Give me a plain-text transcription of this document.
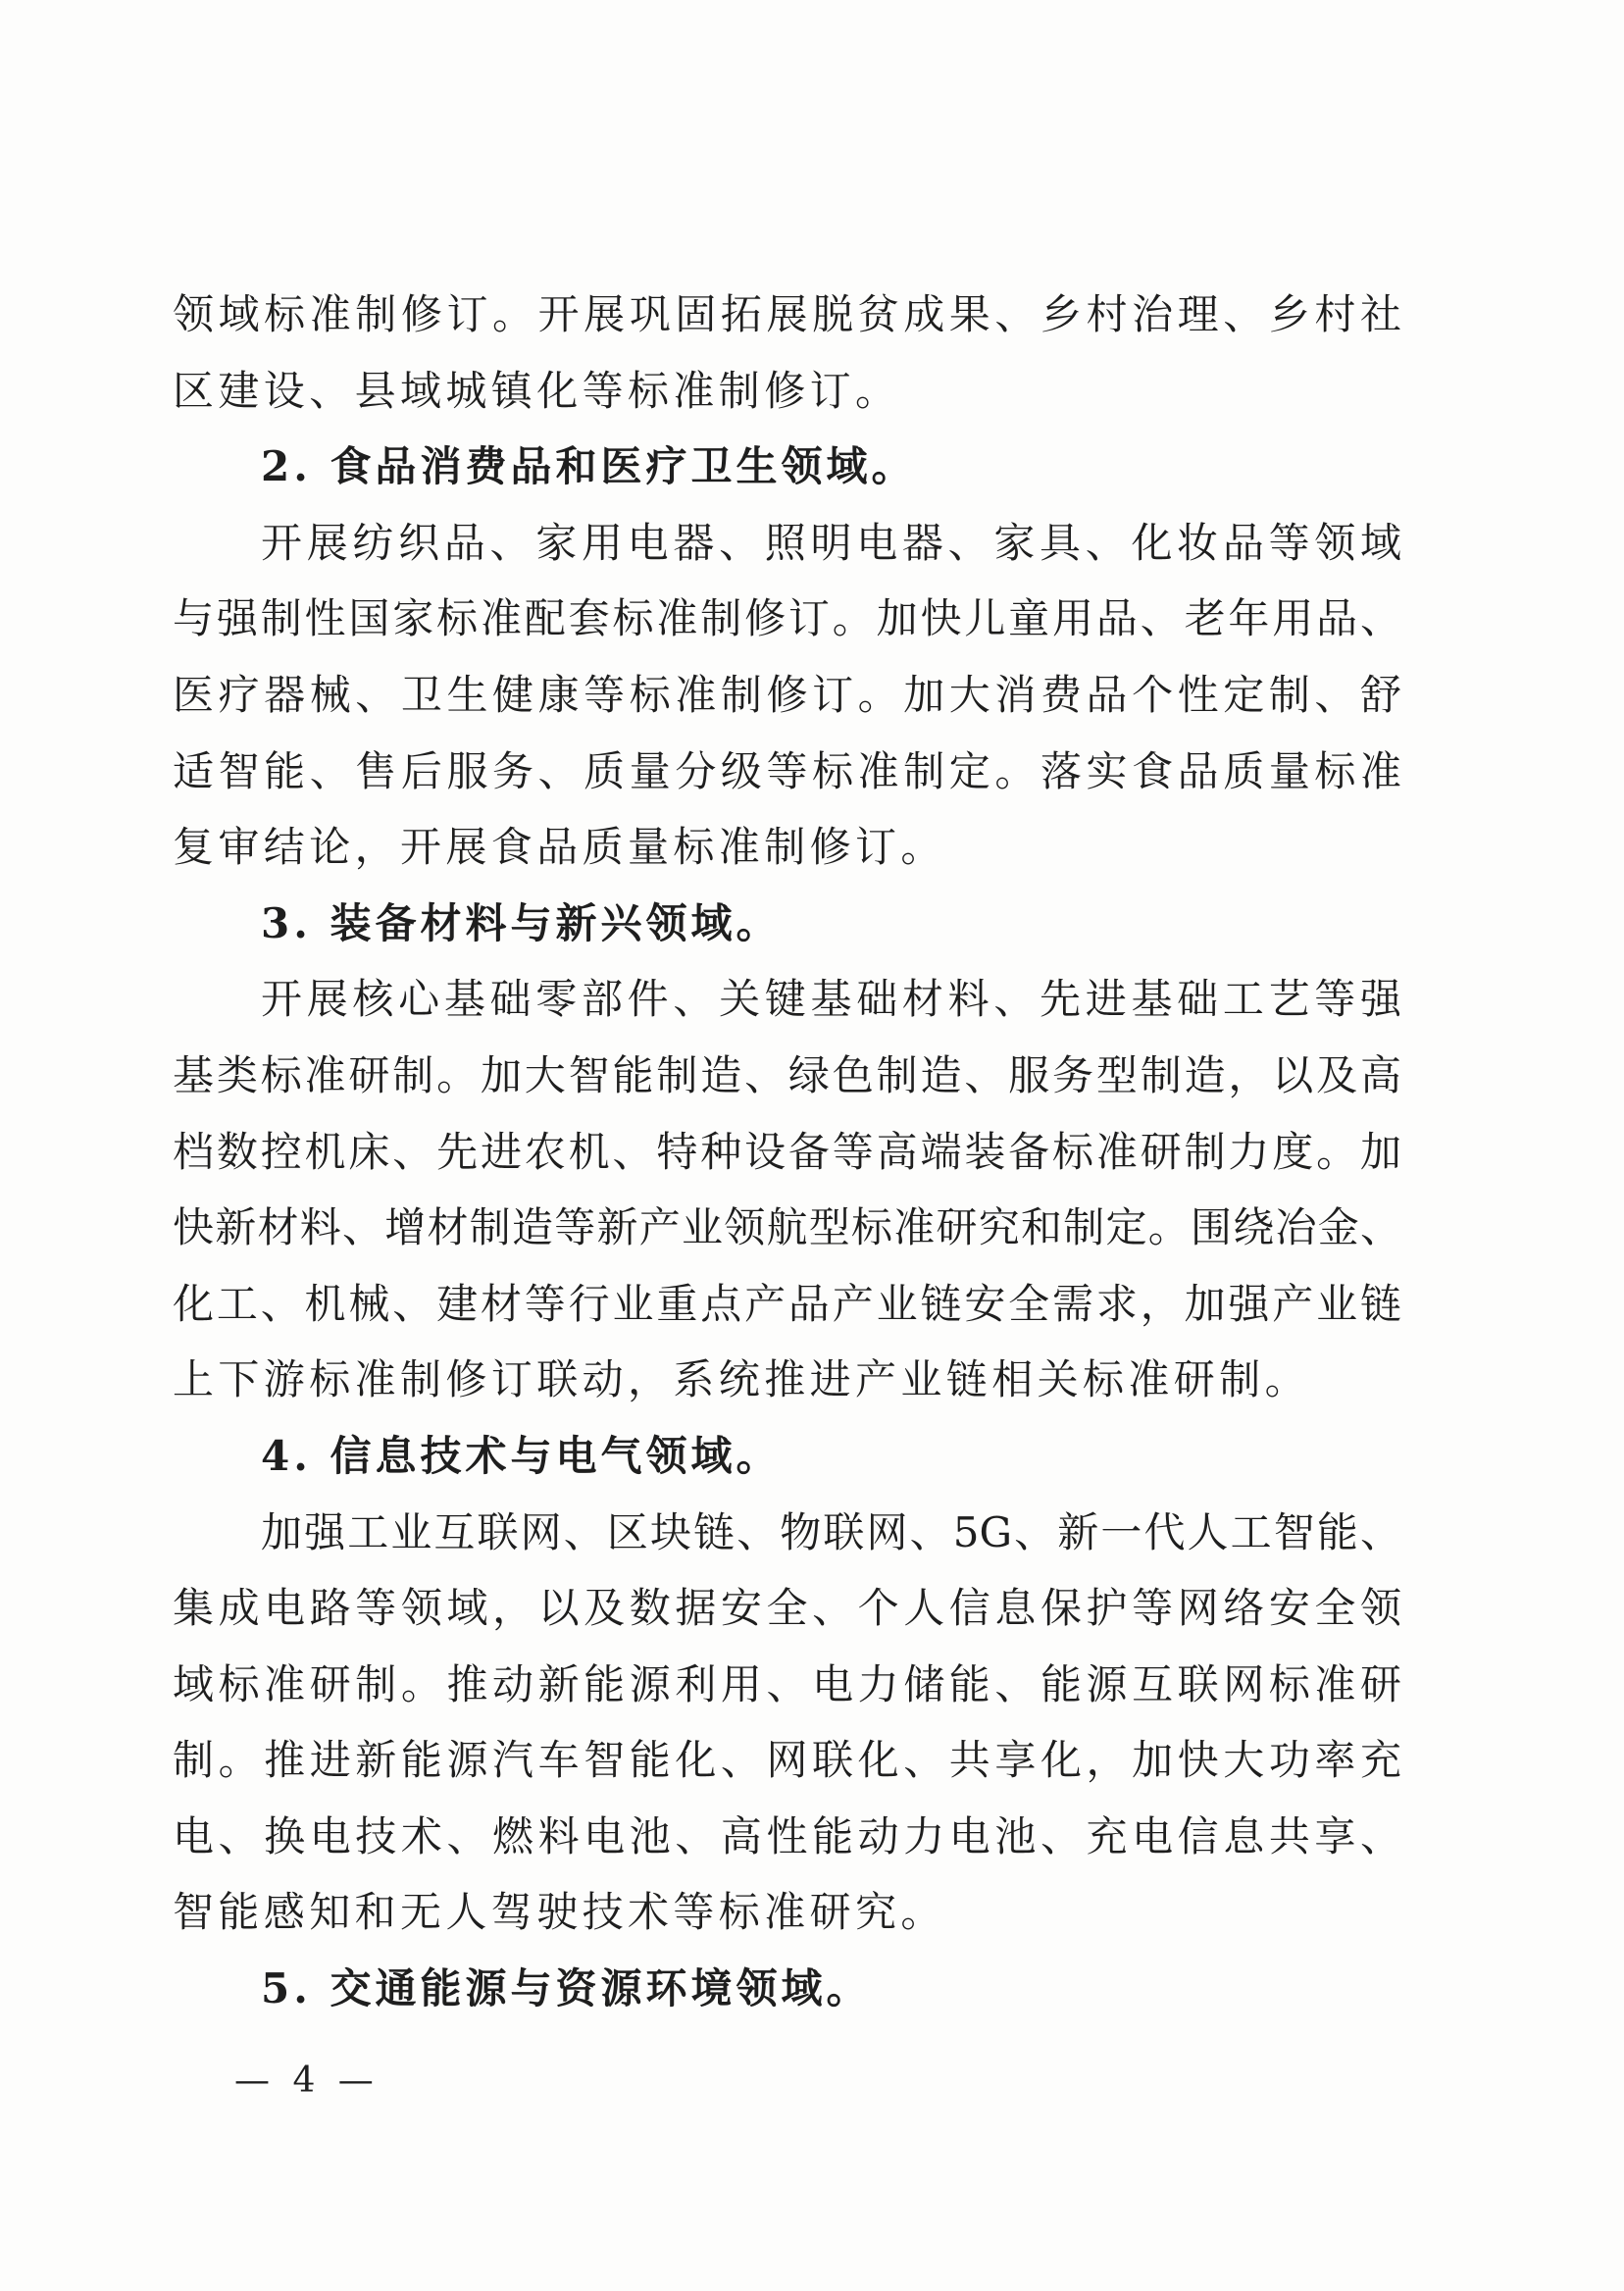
领域标准制修订。开展巩固拓展脱贫成果、乡村治理、乡村社
区建设、县域城镇化等标准制修订。
2. 食品消费品和医疗卫生领域。
开展纺织品、家用电器、照明电器、家具、化妆品等领域
与强制性国家标准配套标准制修订。加快儿童用品、老年用品、
医疗器械、卫生健康等标准制修订。加大消费品个性定制、舒
适智能、售后服务、质量分级等标准制定。落实食品质量标准
复审结论，开展食品质量标准制修订。
3. 装备材料与新兴领域。
开展核心基础零部件、关键基础材料、先进基础工艺等强
基类标准研制。加大智能制造、绿色制造、服务型制造，以及高
档数控机床、先进农机、特种设备等高端装备标准研制力度。加
快新材料、增材制造等新产业领航型标准研究和制定。围绕冶金、
化工、机械、建材等行业重点产品产业链安全需求，加强产业链
上下游标准制修订联动，系统推进产业链相关标准研制。
4. 信息技术与电气领域。
加强工业互联网、区块链、物联网、5G、新一代人工智能、
集成电路等领域，以及数据安全、个人信息保护等网络安全领
域标准研制。推动新能源利用、电力储能、能源互联网标准研
制。推进新能源汽车智能化、网联化、共享化，加快大功率充
电、换电技术、燃料电池、高性能动力电池、充电信息共享、
智能感知和无人驾驶技术等标准研究。
5. 交通能源与资源环境领域。
— 4 —
